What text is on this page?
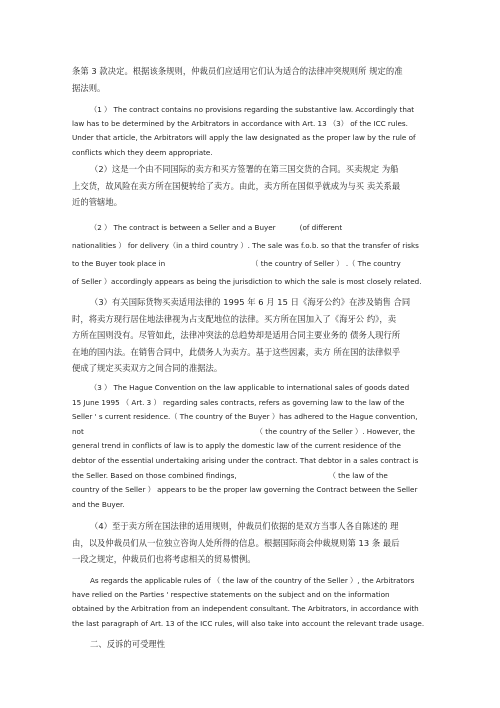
条第 3 款决定。根据该条规则，仲裁员们应适用它们认为适合的法律冲突规则所 规定的准
据法则。
（1 ） The contract contains no provisions regarding the substantive law. Accordingly that
law has to be determined by the Arbitrators in accordance with Art. 13 （3） of the ICC rules.
Under that article, the Arbitrators will apply the law designated as the proper law by the rule of
conflicts which they deem appropriate.
（2）这是一个由不同国际的卖方和买方签署的在第三国交货的合同。买卖规定 为船
上交货，故风险在卖方所在国便转给了卖方。由此，卖方所在国似乎就成为与买 卖关系最
近的管辖地。
（2 ） The contract is between a Seller and a Buyer	(of different
nationalities ） for delivery（in a third country ）. The sale was f.o.b. so that the transfer of risks
to the Buyer took place in	（ the country of Seller ） .（ The country
of Seller ）accordingly appears as being the jurisdiction to which the sale is most closely related.
（3）有关国际货物买卖适用法律的 1995 年 6 月 15 日《海牙公约》在涉及销售 合同
时，将卖方现行居住地法律视为占支配地位的法律。买方所在国加入了《海牙公 约》，卖
方所在国则没有。尽管如此，法律冲突法的总趋势却是适用合同主要业务的 债务人现行所
在地的国内法。在销售合同中，此债务人为卖方。基于这些因素，卖方 所在国的法律似乎
便成了规定买卖双方之间合同的准据法。
（3 ） The Hague Convention on the law applicable to international sales of goods dated
15 June 1995 （ Art. 3 ） regarding sales contracts, refers as governing law to the law of the
Seller ' s current residence.（ The country of the Buyer ）has adhered to the Hague convention,
not	（ the country of the Seller ）. However, the
general trend in conflicts of law is to apply the domestic law of the current residence of the
debtor of the essential undertaking arising under the contract. That debtor in a sales contract is
the Seller. Based on those combined findings,	（ the law of the
country of the Seller ） appears to be the proper law governing the Contract between the Seller
and the Buyer.
（4）至于卖方所在国法律的适用规则，仲裁员们依据的是双方当事人各自陈述的 理
由，以及仲裁员们从一位独立咨询人处所得的信息。根据国际商会仲裁规则第 13 条 最后
一段之规定，仲裁员们也将考虑相关的贸易惯例。
As regards the applicable rules of （ the law of the country of the Seller ）, the Arbitrators
have relied on the Parties ' respective statements on the subject and on the information
obtained by the Arbitration from an independent consultant. The Arbitrators, in accordance with
the last paragraph of Art. 13 of the ICC rules, will also take into account the relevant trade usage.
二、反诉的可受理性
